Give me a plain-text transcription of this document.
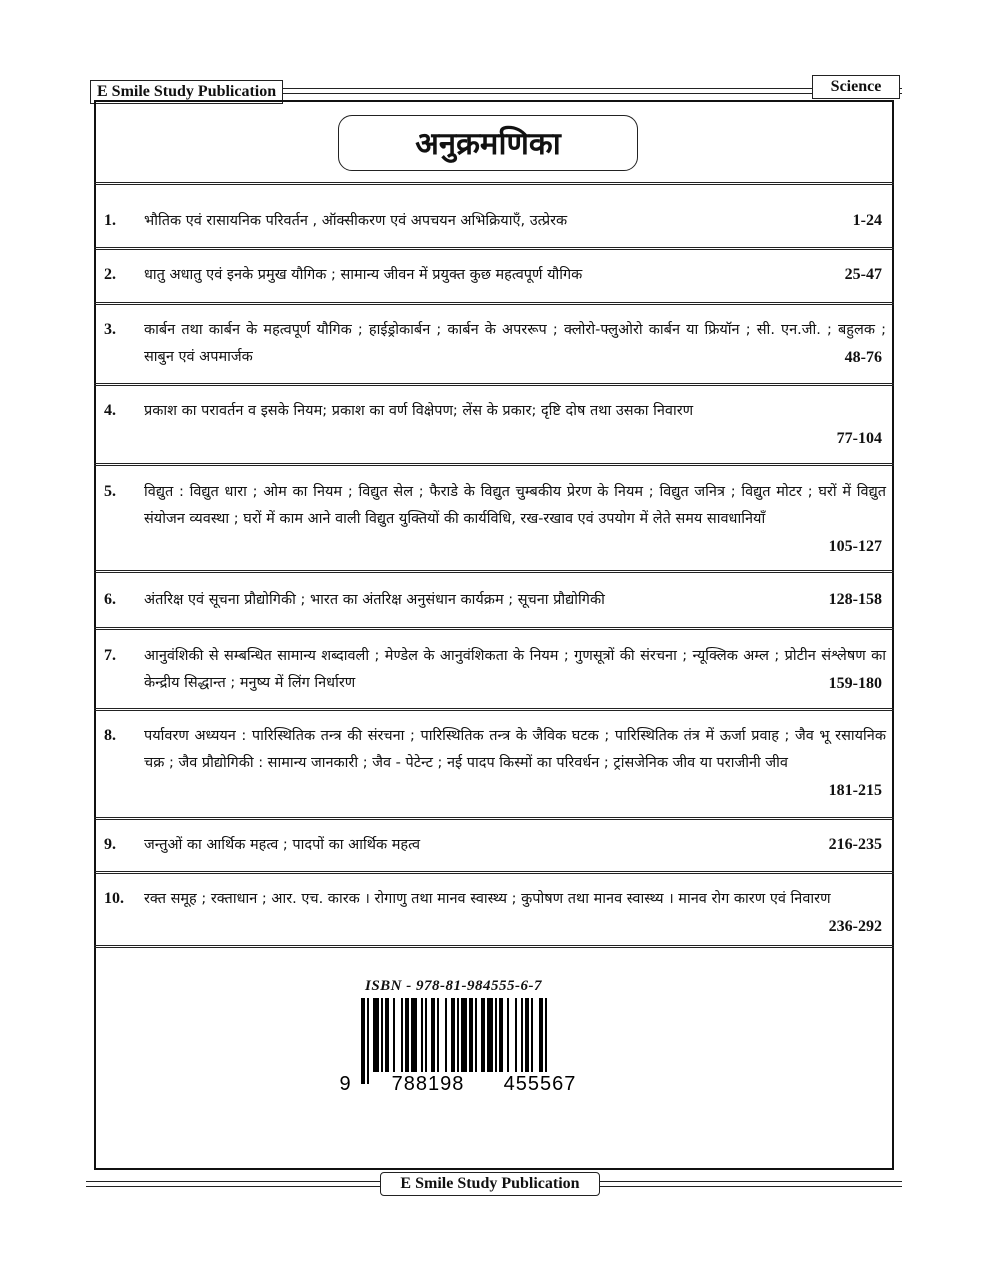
E Smile Study Publication	Science
अनुक्रमणिका
1. भौतिक एवं रासायनिक परिवर्तन , ऑक्सीकरण एवं अपचयन अभिक्रियाएँ, उत्प्रेरक	1-24
2. धातु अधातु एवं इनके प्रमुख यौगिक ; सामान्य जीवन में प्रयुक्त कुछ महत्वपूर्ण यौगिक	25-47
3. कार्बन तथा कार्बन के महत्वपूर्ण यौगिक ; हाईड्रोकार्बन ; कार्बन के अपररूप ; क्लोरो-फ्लुओरो कार्बन या फ्रियॉन ; सी. एन.जी. ; बहुलक ; साबुन एवं अपमार्जक	48-76
4. प्रकाश का परावर्तन व इसके नियम; प्रकाश का वर्ण विक्षेपण; लेंस के प्रकार; दृष्टि दोष तथा उसका निवारण
77-104
5. विद्युत : विद्युत धारा ; ओम का नियम ; विद्युत सेल ; फैराडे के विद्युत चुम्बकीय प्रेरण के नियम ; विद्युत जनित्र ; विद्युत मोटर ; घरों में विद्युत संयोजन व्यवस्था ; घरों में काम आने वाली विद्युत युक्तियों की कार्यविधि, रख-रखाव एवं उपयोग में लेते समय सावधानियाँ
105-127
6. अंतरिक्ष एवं सूचना प्रौद्योगिकी ; भारत का अंतरिक्ष अनुसंधान कार्यक्रम ; सूचना प्रौद्योगिकी	128-158
7. आनुवंशिकी से सम्बन्धित सामान्य शब्दावली ; मेण्डेल के आनुवंशिकता के नियम ; गुणसूत्रों की संरचना ; न्यूक्लिक अम्ल ; प्रोटीन संश्लेषण का केन्द्रीय सिद्धान्त ; मनुष्य में लिंग निर्धारण	159-180
8. पर्यावरण अध्ययन : पारिस्थितिक तन्त्र की संरचना ; पारिस्थितिक तन्त्र के जैविक घटक ; पारिस्थितिक तंत्र में ऊर्जा प्रवाह ; जैव भू रसायनिक चक्र ; जैव प्रौद्योगिकी : सामान्य जानकारी ; जैव - पेटेन्ट ; नई पादप किस्मों का परिवर्धन ; ट्रांसजेनिक जीव या पराजीनी जीव
181-215
9. जन्तुओं का आर्थिक महत्व ; पादपों का आर्थिक महत्व	216-235
10. रक्त समूह ; रक्ताधान ; आर. एच. कारक । रोगाणु तथा मानव स्वास्थ्य ; कुपोषण तथा मानव स्वास्थ्य । मानव रोग कारण एवं निवारण
236-292
ISBN - 978-81-984555-6-7
9 788198 455567
E Smile Study Publication
